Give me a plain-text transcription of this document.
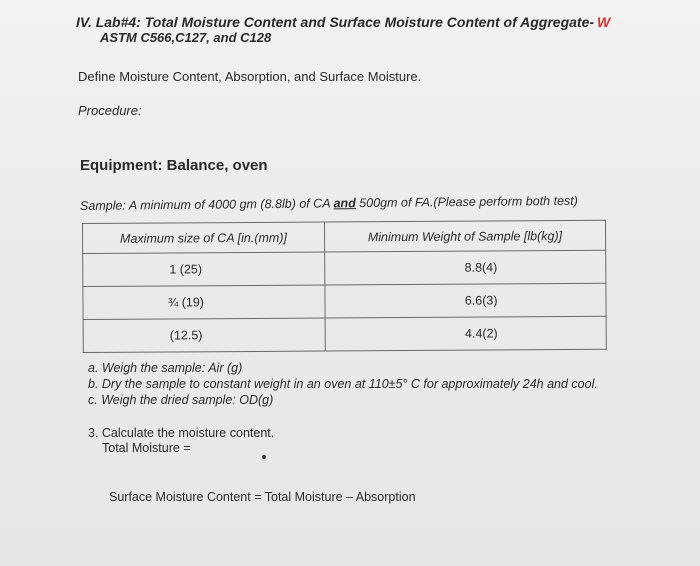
IV. Lab#4: Total Moisture Content and Surface Moisture Content of Aggregate- W
ASTM C566,C127, and C128
Define Moisture Content, Absorption, and Surface Moisture.
Procedure:
Equipment: Balance, oven
Sample: A minimum of 4000 gm (8.8lb) of CA and 500gm of FA.(Please perform both test)
Maximum size of CA [in.(mm)]	Minimum Weight of Sample [lb(kg)]
1 (25)	8.8(4)
¾ (19)	6.6(3)
(12.5)	4.4(2)
a. Weigh the sample: Air (g)
b. Dry the sample to constant weight in an oven at 110±5° C for approximately 24h and cool.
c. Weigh the dried sample: OD(g)
3. Calculate the moisture content.
Total Moisture =
Surface Moisture Content = Total Moisture – Absorption
